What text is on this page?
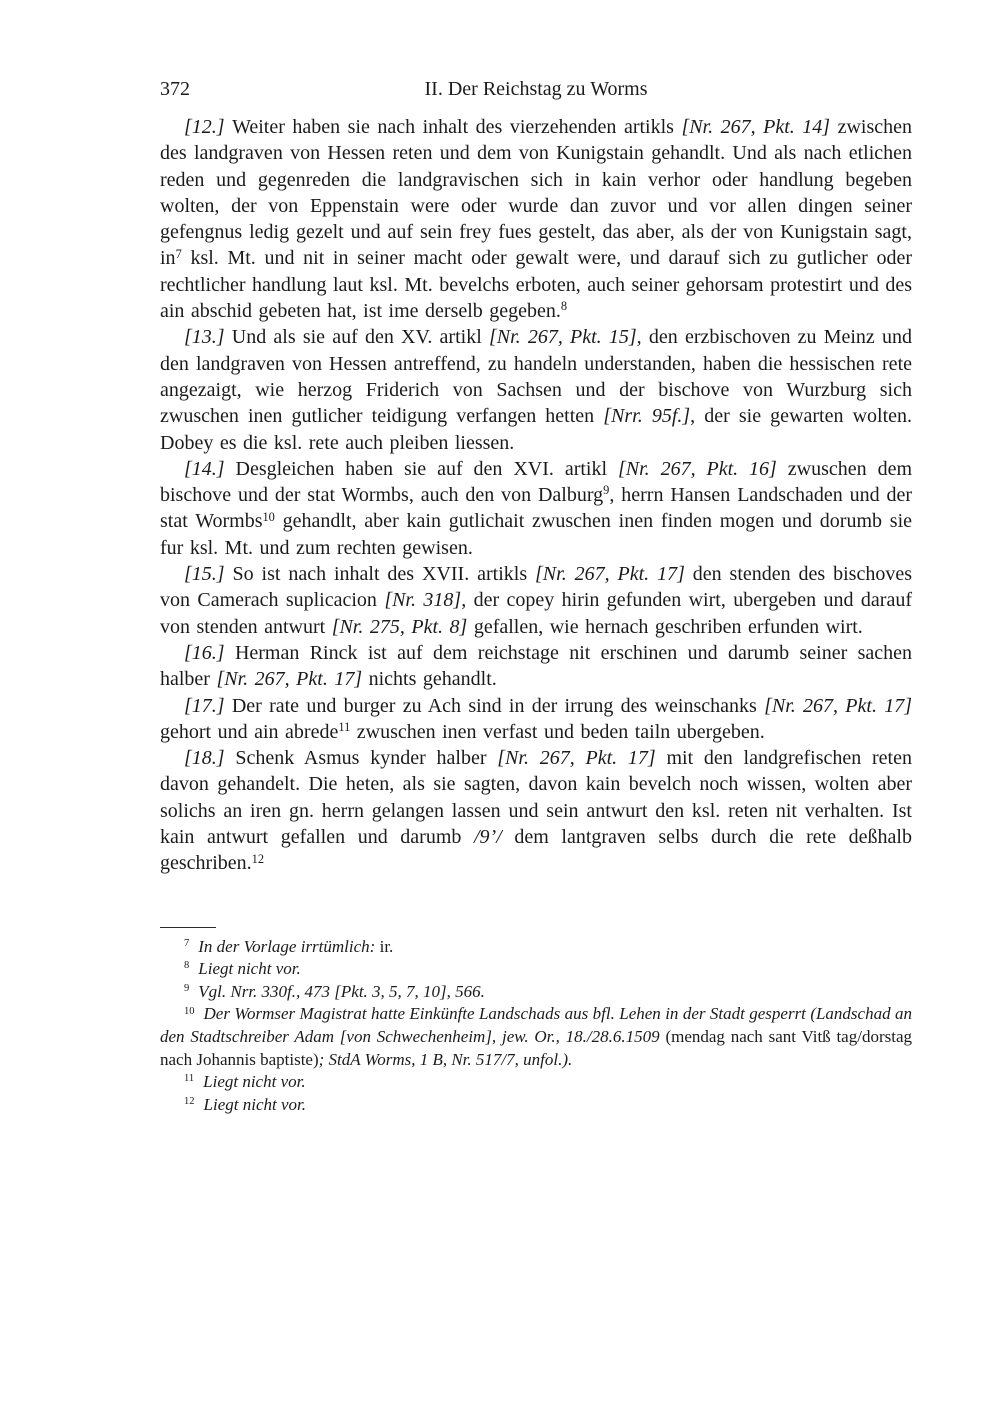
372	II. Der Reichstag zu Worms

[12.] Weiter haben sie nach inhalt des vierzehenden artikls [Nr. 267, Pkt. 14] zwischen des landgraven von Hessen reten und dem von Kunigstain gehandlt. Und als nach etlichen reden und gegenreden die landgravischen sich in kain verhor oder handlung begeben wolten, der von Eppenstain were oder wurde dan zuvor und vor allen dingen seiner gefengnus ledig gezelt und auf sein frey fues gestelt, das aber, als der von Kunigstain sagt, $in^7$ ksl. Mt. und nit in seiner macht oder gewalt were, und darauf sich zu gutlicher oder rechtlicher handlung laut ksl. Mt. bevelchs erboten, auch seiner gehorsam protestirt und des ain abschid gebeten hat, ist ime derselb gegeben.$^8$

[13.] Und als sie auf den XV. artikl [Nr. 267, Pkt. 15], den erzbischoven zu Meinz und den landgraven von Hessen antreffend, zu handeln understanden, haben die hessischen rete angezaigt, wie herzog Friderich von Sachsen und der bischove von Wurzburg sich zwuschen inen gutlicher teidigung verfangen hetten [Nrr. 95f.], der sie gewarten wolten. Dobey es die ksl. rete auch pleiben liessen.

[14.] Desgleichen haben sie auf den XVI. artikl [Nr. 267, Pkt. 16] zwuschen dem bischove und der stat Wormbs, auch den von Dalburg$^9$, herrn Hansen Landschaden und der stat Wormbs$^{10}$ gehandlt, aber kain gutlichait zwuschen inen finden mogen und dorumb sie fur ksl. Mt. und zum rechten gewisen.

[15.] So ist nach inhalt des XVII. artikls [Nr. 267, Pkt. 17] den stenden des bischoves von Camerach suplicacion [Nr. 318], der copey hirin gefunden wirt, ubergeben und darauf von stenden antwurt [Nr. 275, Pkt. 8] gefallen, wie hernach geschriben erfunden wirt.

[16.] Herman Rinck ist auf dem reichstage nit erschinen und darumb seiner sachen halber [Nr. 267, Pkt. 17] nichts gehandlt.

[17.] Der rate und burger zu Ach sind in der irrung des weinschanks [Nr. 267, Pkt. 17] gehort und ain abrede$^{11}$ zwuschen inen verfast und beden tailn ubergeben.

[18.] Schenk Asmus kynder halber [Nr. 267, Pkt. 17] mit den landgrefischen reten davon gehandelt. Die heten, als sie sagten, davon kain bevelch noch wissen, wolten aber solichs an iren gn. herrn gelangen lassen und sein antwurt den ksl. reten nit verhalten. Ist kain antwurt gefallen und darumb /9’/ dem lantgraven selbs durch die rete deßhalb geschriben.$^{12}$

$^7$ In der Vorlage irrtümlich: ir.

$^8$ Liegt nicht vor.

$^9$ Vgl. Nrr. 330f., 473 [Pkt. 3, 5, 7, 10], 566.

$^{10}$ Der Wormser Magistrat hatte Einkünfte Landschads aus bfl. Lehen in der Stadt gesperrt (Landschad an den Stadtschreiber Adam [von Schwechenheim], jew. Or., 18./28.6.1509 (mendag nach sant Vitß tag/dorstag nach Johannis baptiste); StdA Worms, 1 B, Nr. 517/7, unfol.).

$^{11}$ Liegt nicht vor.

$^{12}$ Liegt nicht vor.
